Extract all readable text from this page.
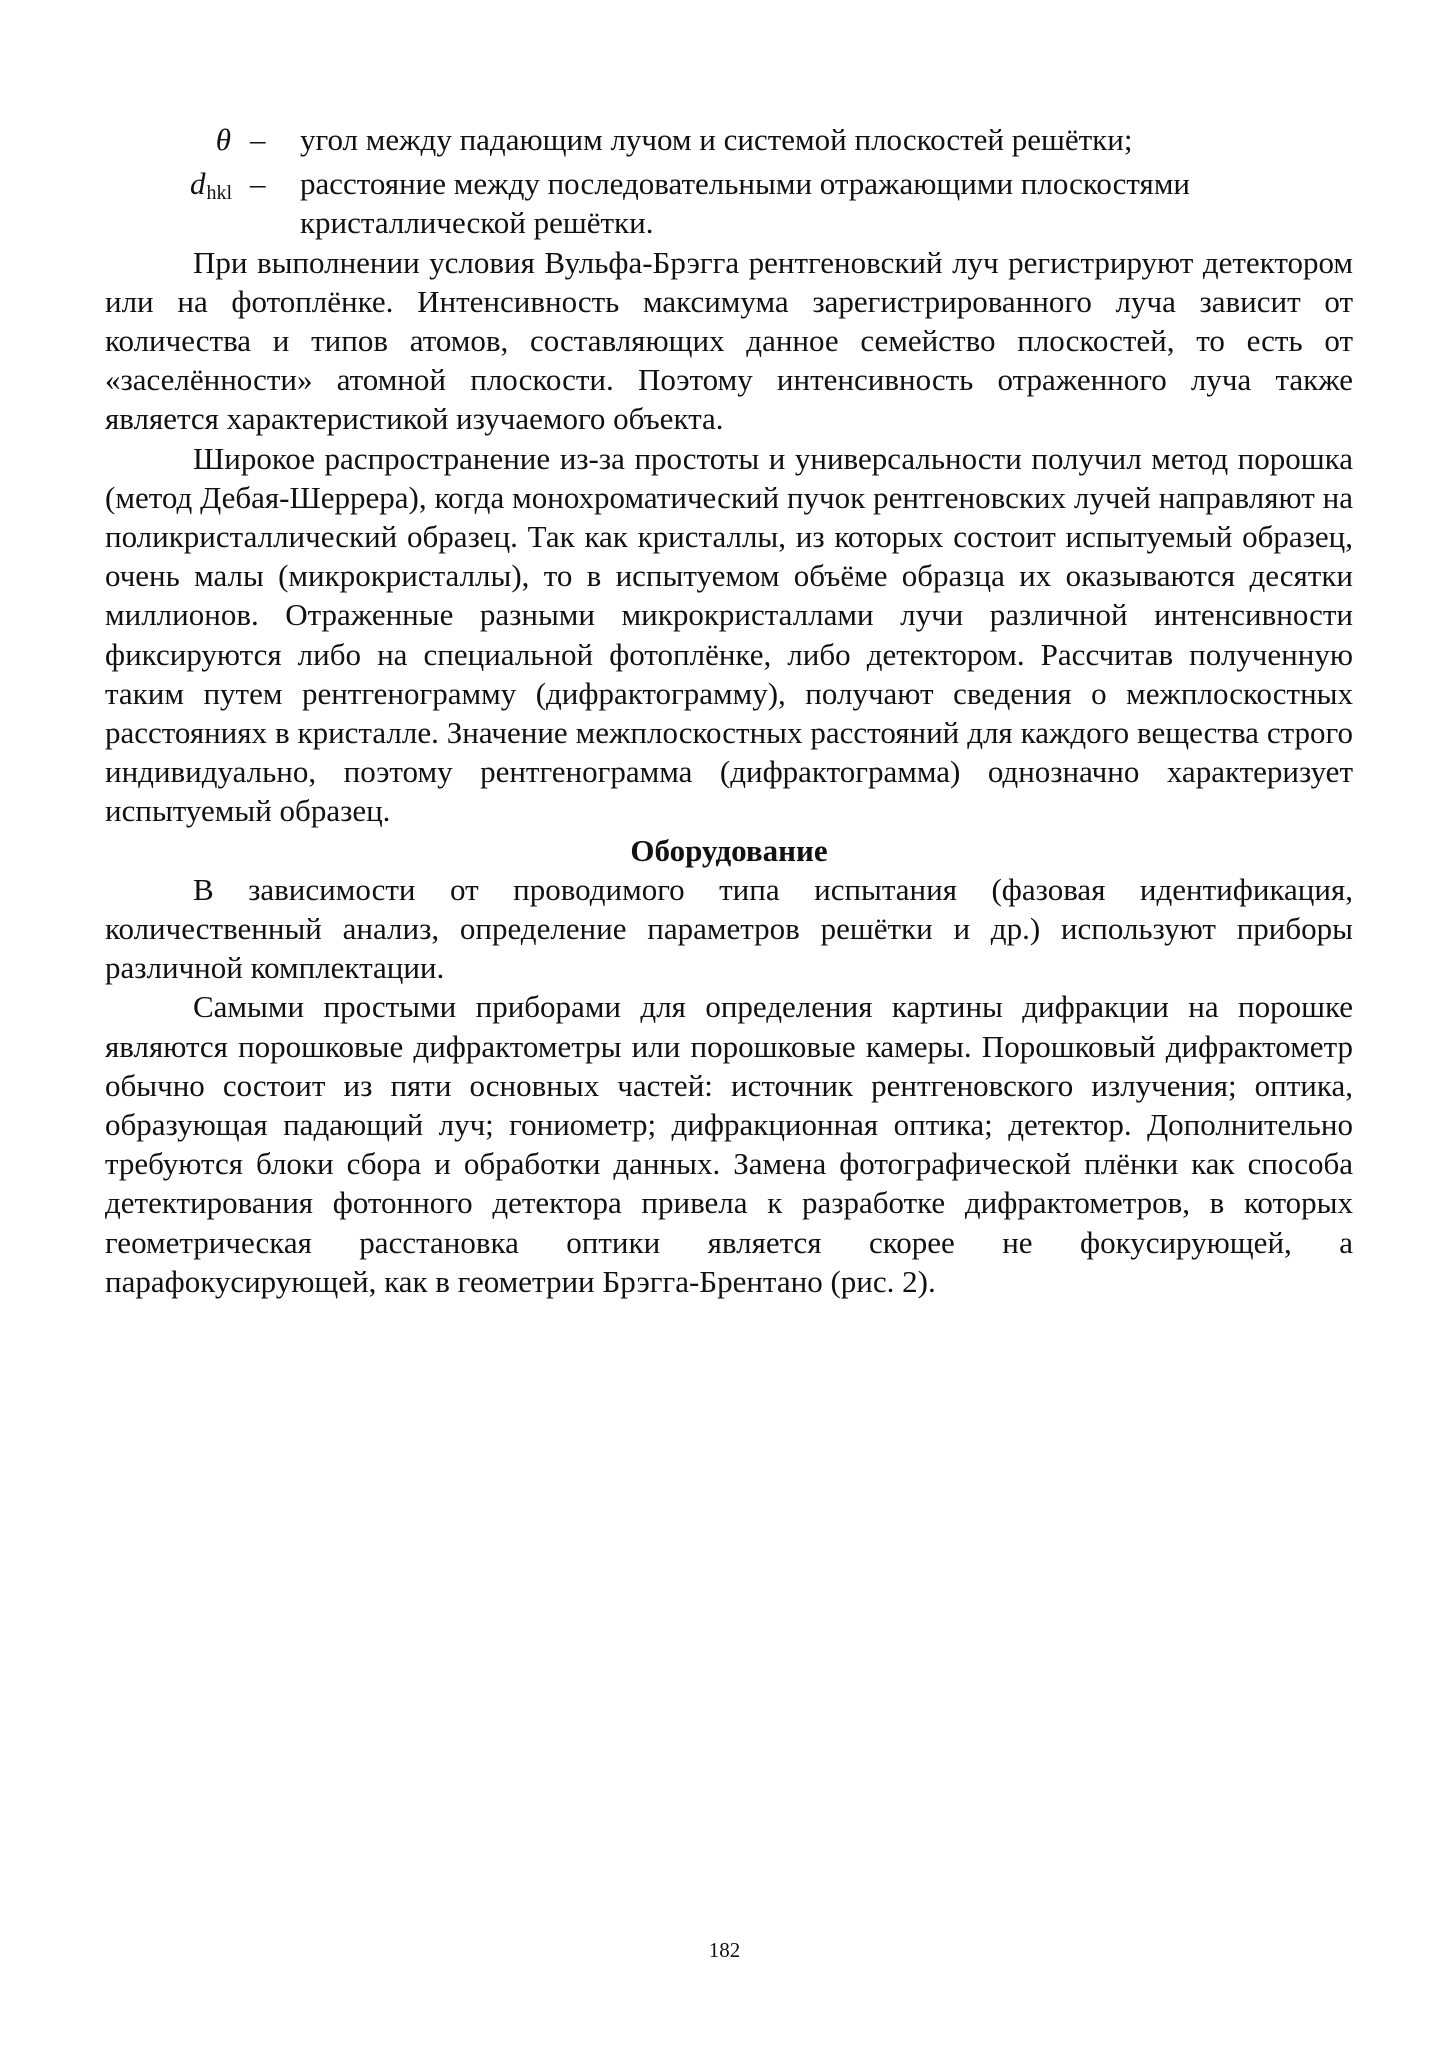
θ –	угол между падающим лучом и системой плоскостей решётки;
dhkl –	расстояние между последовательными отражающими плоскостями кристаллической решётки.

При выполнении условия Вульфа-Брэгга рентгеновский луч регистрируют детектором или на фотоплёнке. Интенсивность максимума зарегистрированного луча зависит от количества и типов атомов, составляющих данное семейство плоскостей, то есть от «заселённости» атомной плоскости. Поэтому интенсивность отраженного луча также является характеристикой изучаемого объекта.

Широкое распространение из-за простоты и универсальности получил метод порошка (метод Дебая-Шеррера), когда монохроматический пучок рентгеновских лучей направляют на поликристаллический образец. Так как кристаллы, из которых состоит испытуемый образец, очень малы (микрокристаллы), то в испытуемом объёме образца их оказываются десятки миллионов. Отраженные разными микрокристаллами лучи различной интенсивности фиксируются либо на специальной фотоплёнке, либо детектором. Рассчитав полученную таким путем рентгенограмму (дифрактограмму), получают сведения о межплоскостных расстояниях в кристалле. Значение межплоскостных расстояний для каждого вещества строго индивидуально, поэтому рентгенограмма (дифрактограмма) однозначно характеризует испытуемый образец.

Оборудование

В зависимости от проводимого типа испытания (фазовая идентификация, количественный анализ, определение параметров решётки и др.) используют приборы различной комплектации.

Самыми простыми приборами для определения картины дифракции на порошке являются порошковые дифрактометры или порошковые камеры. Порошковый дифрактометр обычно состоит из пяти основных частей: источник рентгеновского излучения; оптика, образующая падающий луч; гониометр; дифракционная оптика; детектор. Дополнительно требуются блоки сбора и обработки данных. Замена фотографической плёнки как способа детектирования фотонного детектора привела к разработке дифрактометров, в которых геометрическая расстановка оптики является скорее не фокусирующей, а парафокусирующей, как в геометрии Брэгга-Брентано (рис. 2).

182
